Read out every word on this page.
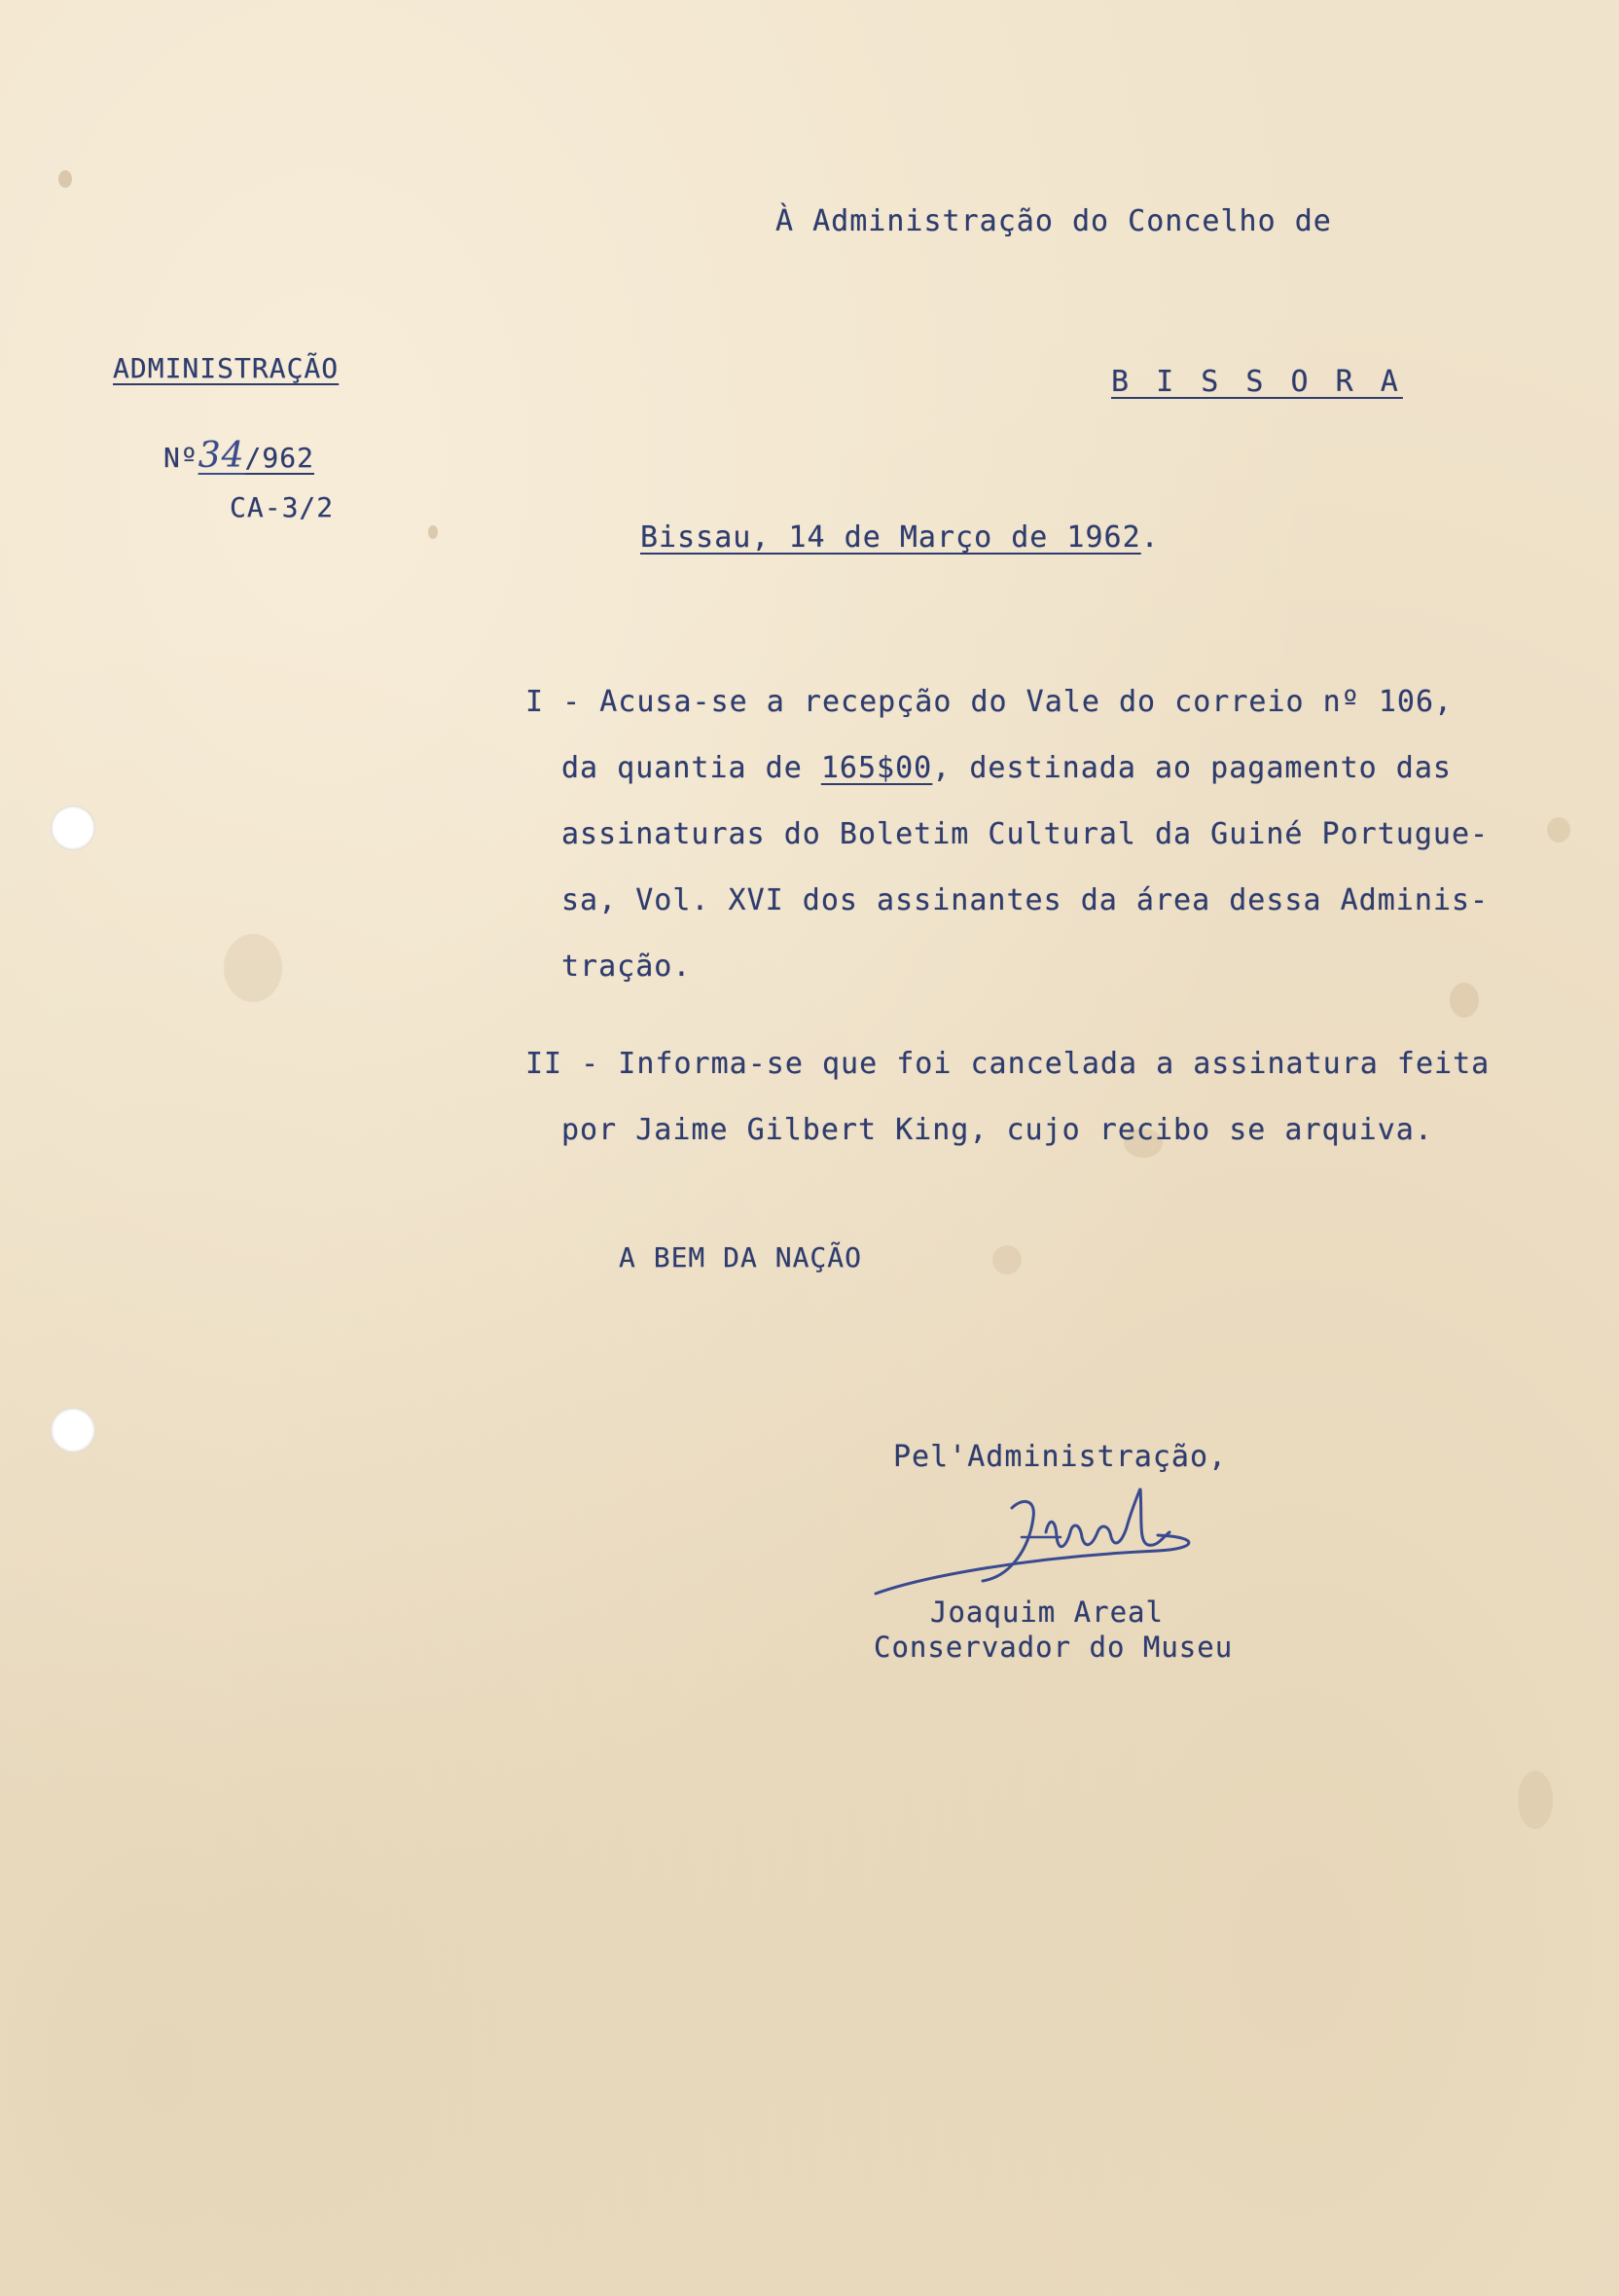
À Administração do Concelho de
B I S S O R A
ADMINISTRAÇÃO
Nº34/962
CA-3/2
Bissau, 14 de Março de 1962.
I - Acusa-se a recepção do Vale do correio nº 106,
da quantia de 165$00, destinada ao pagamento das
assinaturas do Boletim Cultural da Guiné Portugue-
sa, Vol. XVI dos assinantes da área dessa Adminis-
tração.
II - Informa-se que foi cancelada a assinatura feita
por Jaime Gilbert King, cujo recibo se arquiva.
A BEM DA NAÇÃO
Pel'Administração,
Joaquim Areal
Conservador do Museu
